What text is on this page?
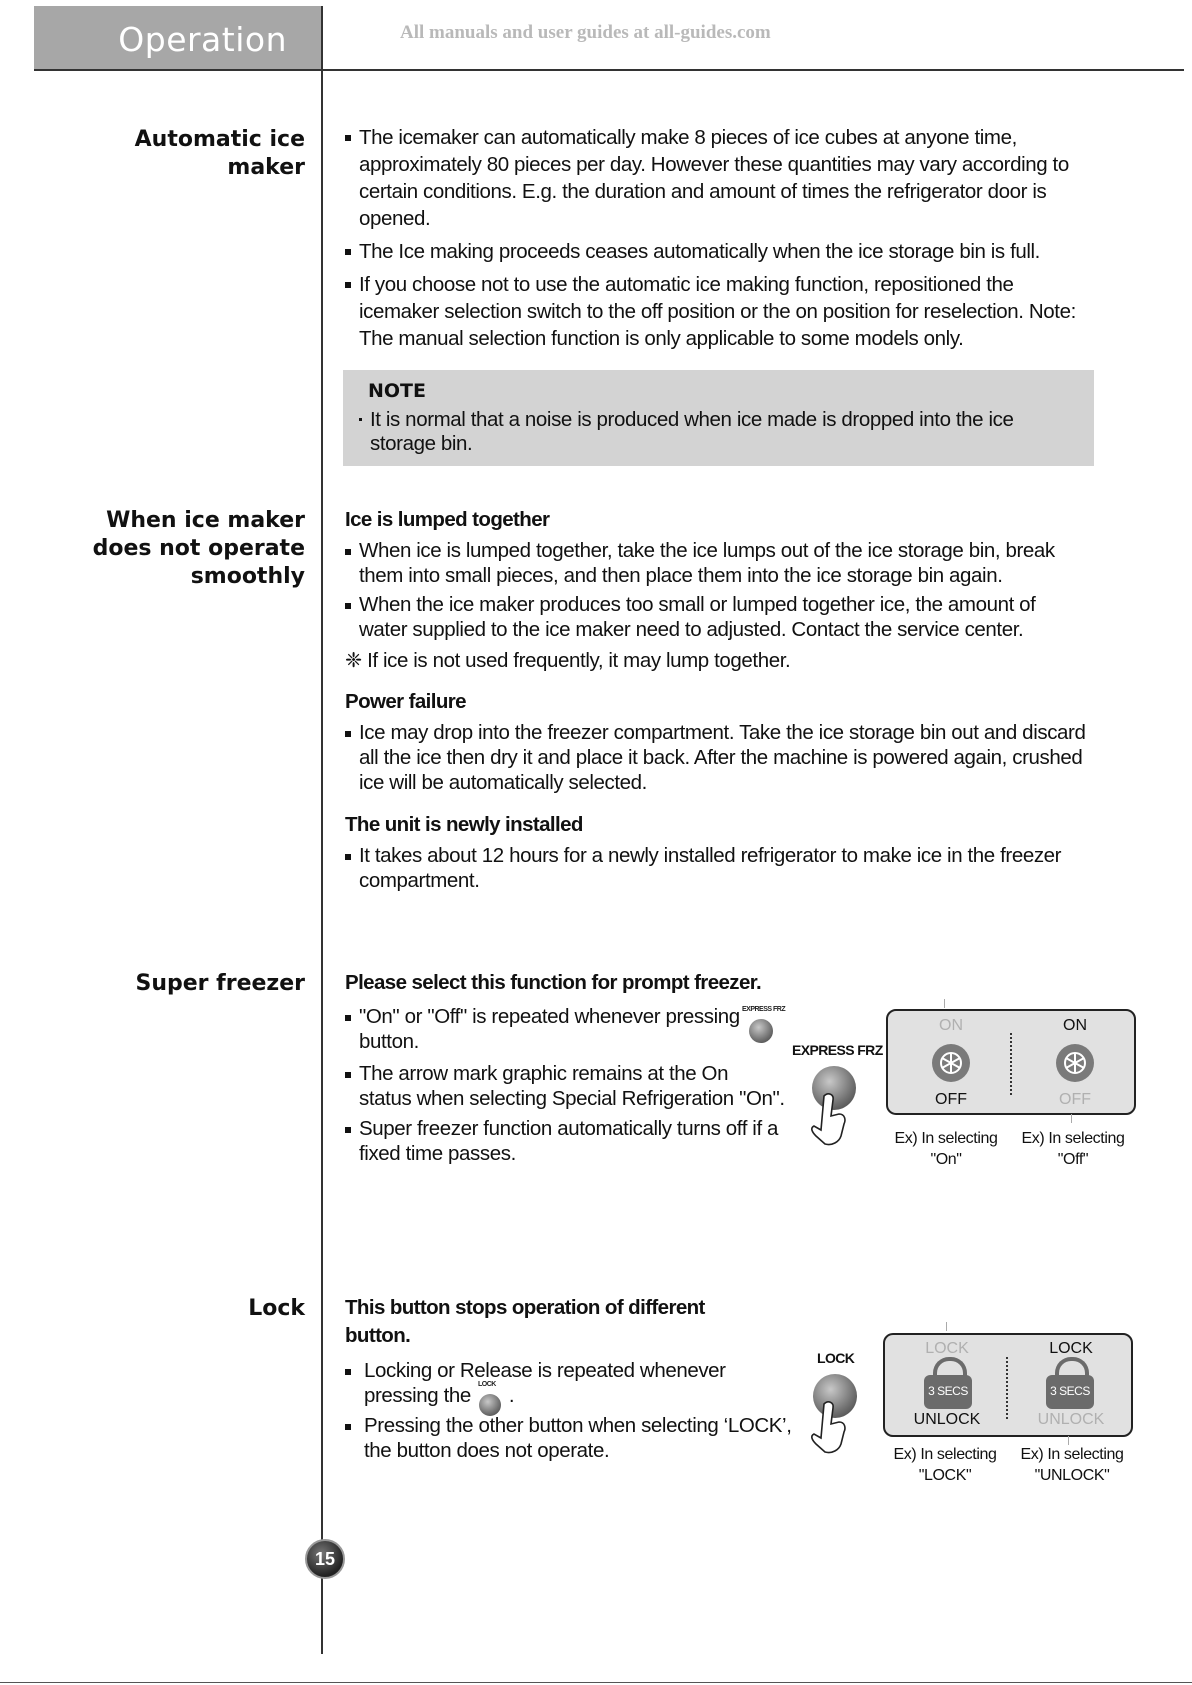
Operation	All manuals and user guides at all-guides.com
Automatic ice
maker
The icemaker can automatically make 8 pieces of ice cubes at anyone time, approximately 80 pieces per day. However these quantities may vary according to certain conditions. E.g. the duration and amount of times the refrigerator door is opened.
The Ice making proceeds ceases automatically when the ice storage bin is full.
If you choose not to use the automatic ice making function, repositioned the icemaker selection switch to the off position or the on position for reselection. Note: The manual selection function is only applicable to some models only.
NOTE
It is normal that a noise is produced when ice made is dropped into the ice storage bin.
When ice maker
does not operate
smoothly
Ice is lumped together
When ice is lumped together, take the ice lumps out of the ice storage bin, break them into small pieces, and then place them into the ice storage bin again.
When the ice maker produces too small or lumped together ice, the amount of water supplied to the ice maker need to adjusted. Contact the service center.
❈ If ice is not used frequently, it may lump together.
Power failure
Ice may drop into the freezer compartment. Take the ice storage bin out and discard all the ice then dry it and place it back. After the machine is powered again, crushed ice will be automatically selected.
The unit is newly installed
It takes about 12 hours for a newly installed refrigerator to make ice in the freezer compartment.
Super freezer Please select this function for prompt freezer.
"On" or "Off" is repeated whenever pressing
button.
EXPRESS FRZ
The arrow mark graphic remains at the On
status when selecting Special Refrigeration "On".
Super freezer function automatically turns off if a
fixed time passes.
EXPRESS FRZ
ON
OFF
ON
OFF
Ex) In selecting
"On"
Ex) In selecting
"Off"
Lock This button stops operation of different
button.
Locking or Release is repeated whenever
pressing the .
LOCK
Pressing the other button when selecting ‘LOCK’,
the button does not operate.
LOCK
LOCK
UNLOCK
LOCK
UNLOCK
3 SECS	3 SECS
Ex) In selecting
"LOCK"
Ex) In selecting
"UNLOCK"
15
